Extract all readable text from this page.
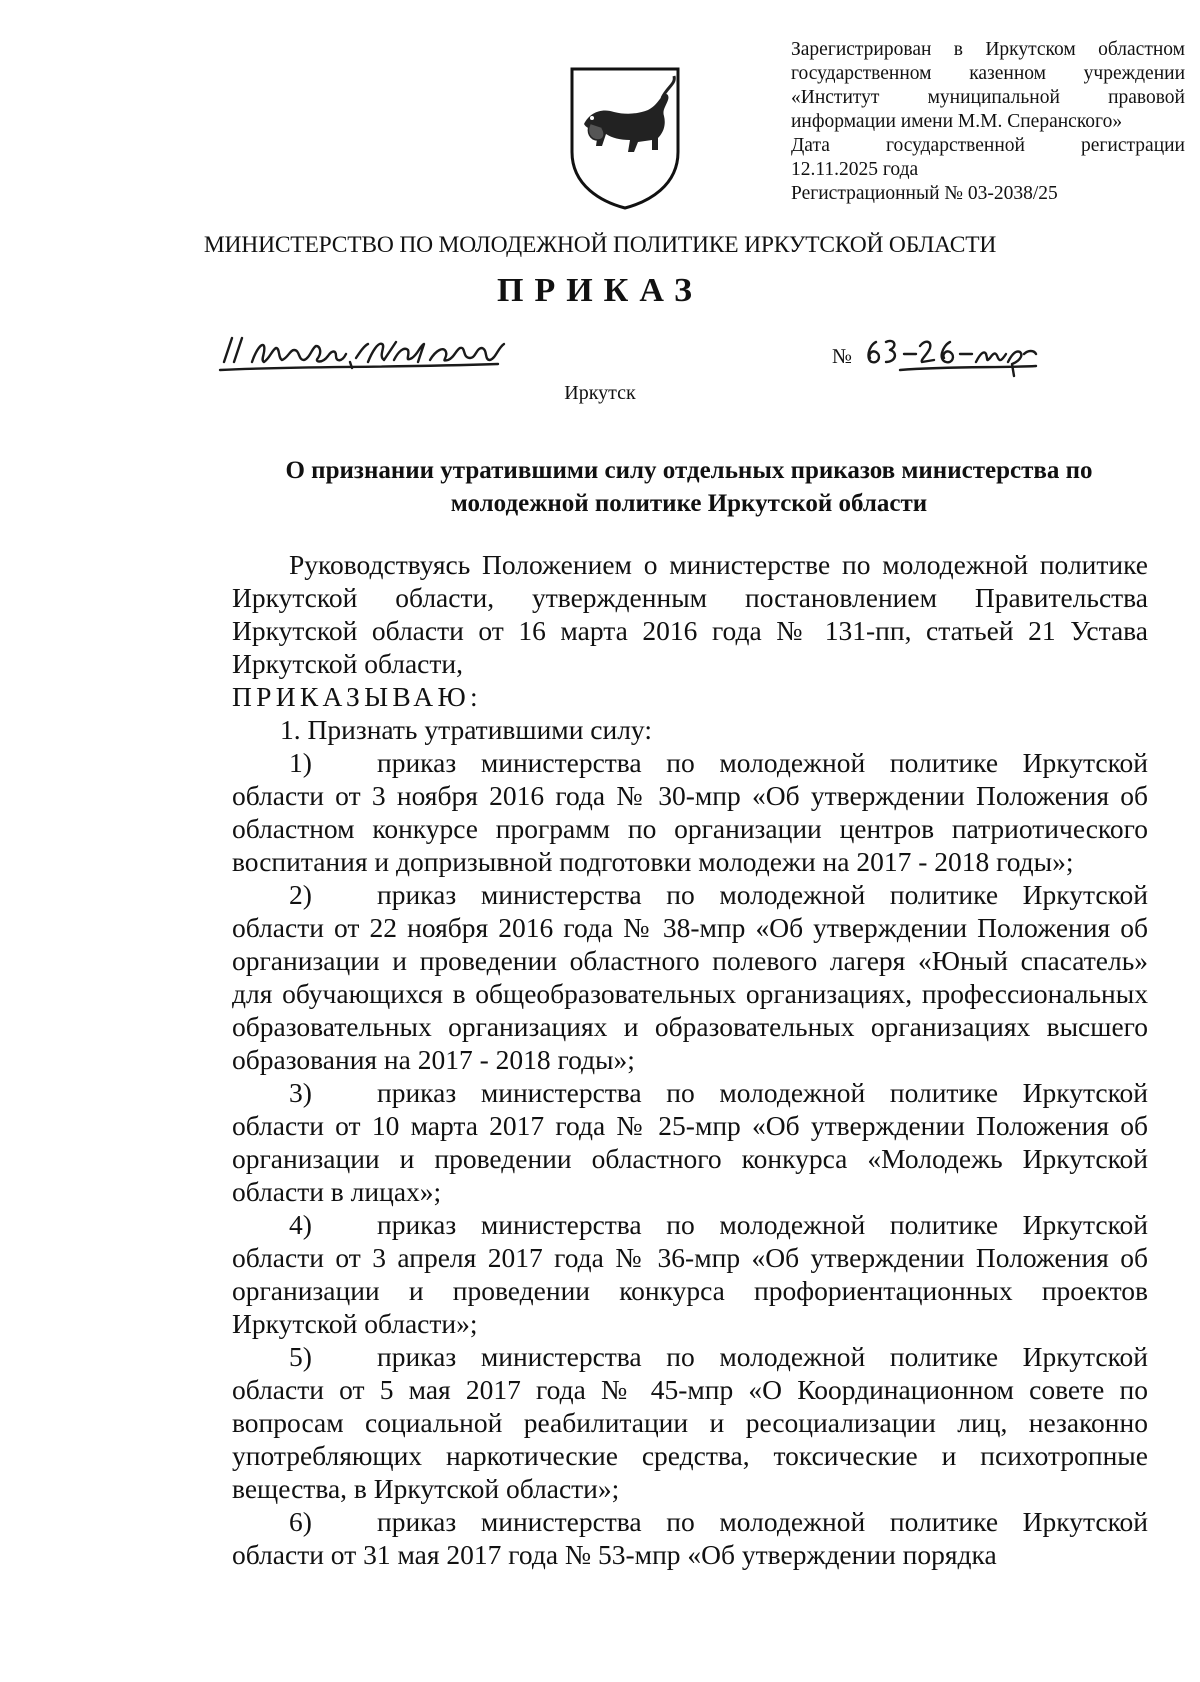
Зарегистрирован в Иркутском областном
государственном казенном учреждении
«Институт муниципальной правовой
информации имени М.М. Сперанского»
Дата государственной регистрации
12.11.2025 года
Регистрационный № 03-2038/25
МИНИСТЕРСТВО ПО МОЛОДЕЖНОЙ ПОЛИТИКЕ ИРКУТСКОЙ ОБЛАСТИ
ПРИКАЗ
№
Иркутск
О признании утратившими силу отдельных приказов министерства по молодежной политике Иркутской области

Руководствуясь Положением о министерстве по молодежной политике Иркутской области, утвержденным постановлением Правительства Иркутской области от 16 марта 2016 года № 131-пп, статьей 21 Устава Иркутской области,

ПРИКАЗЫВАЮ:

1. Признать утратившими силу:

1) приказ министерства по молодежной политике Иркутской области от 3 ноября 2016 года № 30-мпр «Об утверждении Положения об областном конкурсе программ по организации центров патриотического воспитания и допризывной подготовки молодежи на 2017 - 2018 годы»;

2) приказ министерства по молодежной политике Иркутской области от 22 ноября 2016 года № 38-мпр «Об утверждении Положения об организации и проведении областного полевого лагеря «Юный спасатель» для обучающихся в общеобразовательных организациях, профессиональных образовательных организациях и образовательных организациях высшего образования на 2017 - 2018 годы»;

3) приказ министерства по молодежной политике Иркутской области от 10 марта 2017 года № 25-мпр «Об утверждении Положения об организации и проведении областного конкурса «Молодежь Иркутской области в лицах»;

4) приказ министерства по молодежной политике Иркутской области от 3 апреля 2017 года № 36-мпр «Об утверждении Положения об организации и проведении конкурса профориентационных проектов Иркутской области»;

5) приказ министерства по молодежной политике Иркутской области от 5 мая 2017 года № 45-мпр «О Координационном совете по вопросам социальной реабилитации и ресоциализации лиц, незаконно употребляющих наркотические средства, токсические и психотропные вещества, в Иркутской области»;

6) приказ министерства по молодежной политике Иркутской области от 31 мая 2017 года № 53-мпр «Об утверждении порядка
